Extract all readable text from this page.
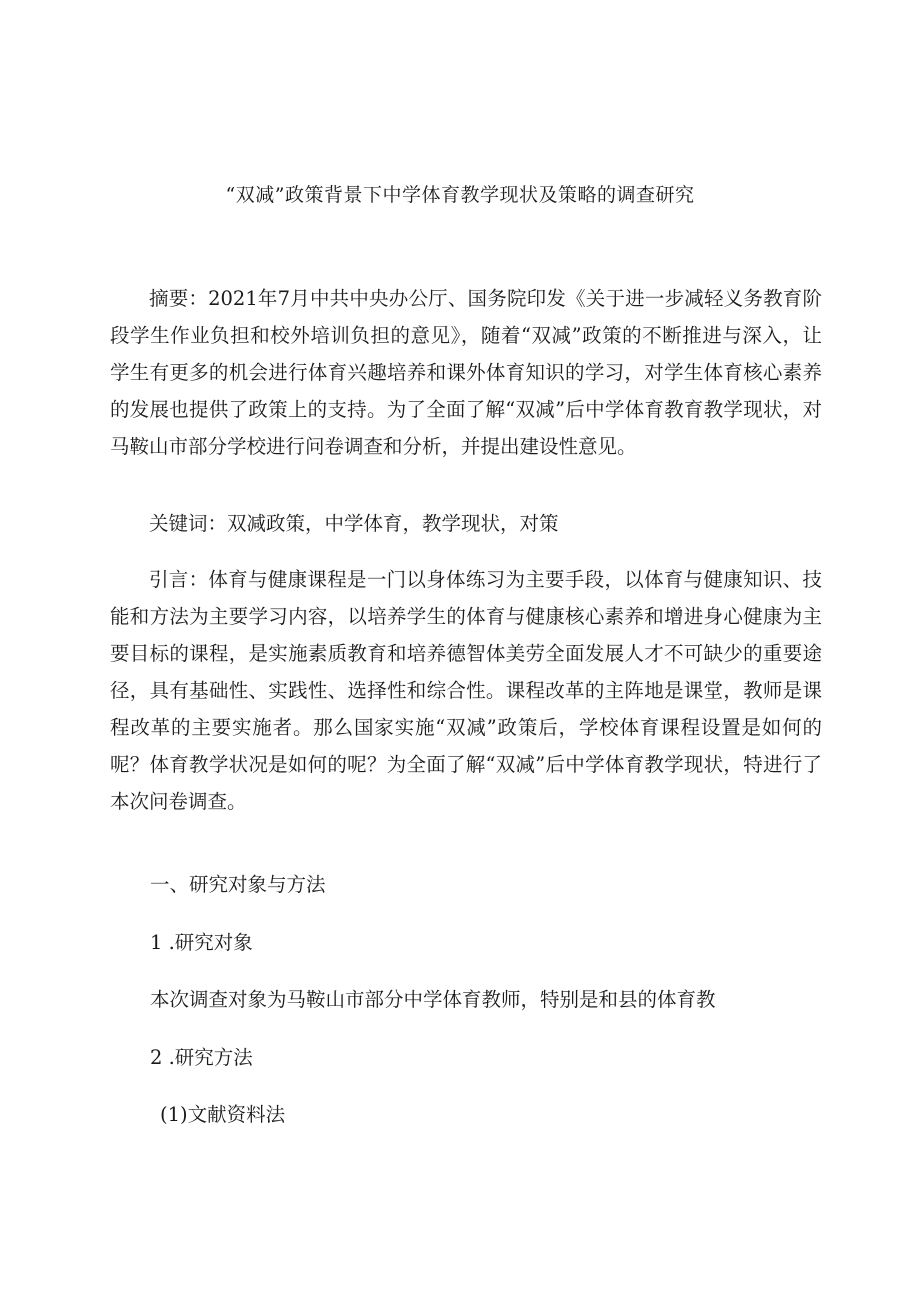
“双减”政策背景下中学体育教学现状及策略的调查研究

摘要：2021年7月中共中央办公厅、国务院印发《关于进一步减轻义务教育阶段学生作业负担和校外培训负担的意见》，随着“双减”政策的不断推进与深入，让学生有更多的机会进行体育兴趣培养和课外体育知识的学习，对学生体育核心素养的发展也提供了政策上的支持。为了全面了解“双减”后中学体育教育教学现状，对马鞍山市部分学校进行问卷调查和分析，并提出建设性意见。

关键词：双减政策，中学体育，教学现状，对策

引言：体育与健康课程是一门以身体练习为主要手段，以体育与健康知识、技能和方法为主要学习内容，以培养学生的体育与健康核心素养和增进身心健康为主要目标的课程，是实施素质教育和培养德智体美劳全面发展人才不可缺少的重要途径，具有基础性、实践性、选择性和综合性。课程改革的主阵地是课堂，教师是课程改革的主要实施者。那么国家实施“双减”政策后，学校体育课程设置是如何的呢？体育教学状况是如何的呢？为全面了解“双减”后中学体育教学现状，特进行了本次问卷调查。

一、研究对象与方法
1 .研究对象
本次调查对象为马鞍山市部分中学体育教师，特别是和县的体育教
2 .研究方法
(1)文献资料法
